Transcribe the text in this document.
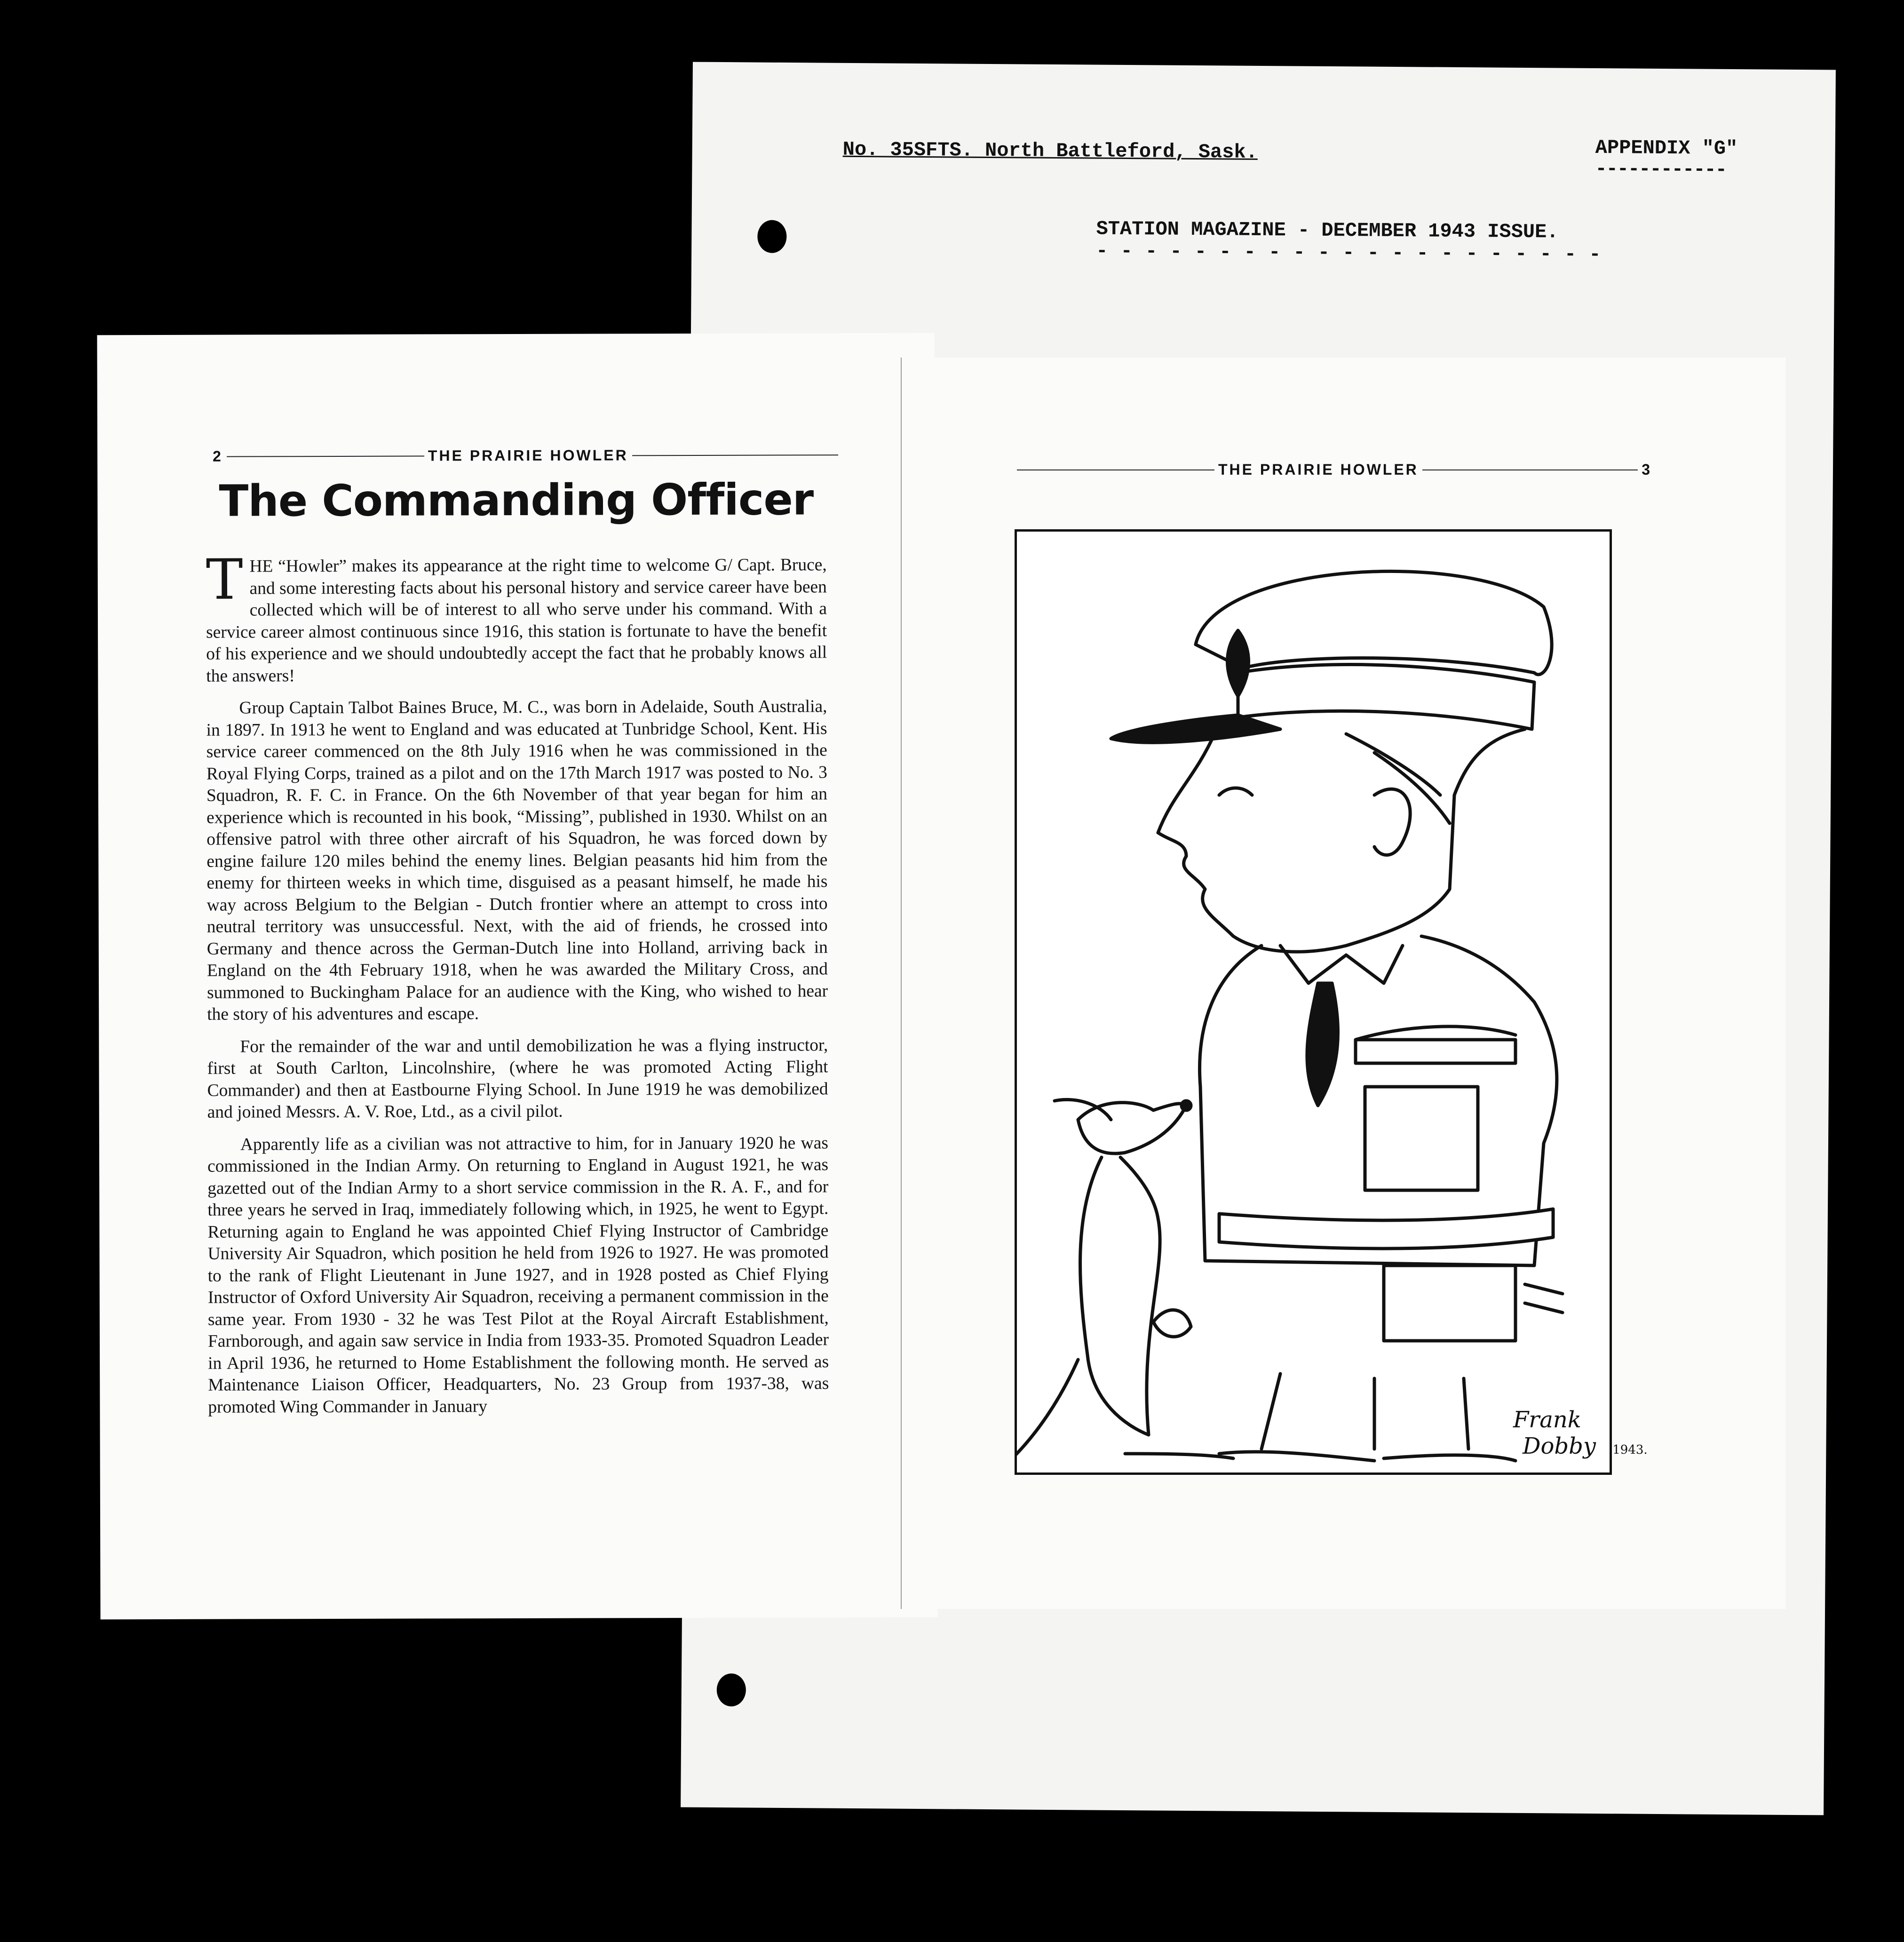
No. 35SFTS. North Battleford, Sask.	APPENDIX "G"
------------
STATION MAGAZINE - DECEMBER 1943 ISSUE.
- - - - - - - - - - - - - - - - - - - - -
2	THE PRAIRIE HOWLER
The Commanding Officer

THE “Howler” makes its appearance at the right time to welcome G/ Capt. Bruce, and some interesting facts about his personal history and service career have been collected which will be of interest to all who serve under his command. With a service career almost continuous since 1916, this station is fortunate to have the benefit of his experience and we should undoubtedly accept the fact that he probably knows all the answers!

Group Captain Talbot Baines Bruce, M. C., was born in Adelaide, South Australia, in 1897. In 1913 he went to England and was educated at Tunbridge School, Kent. His service career commenced on the 8th July 1916 when he was commissioned in the Royal Flying Corps, trained as a pilot and on the 17th March 1917 was posted to No. 3 Squadron, R. F. C. in France. On the 6th November of that year began for him an experience which is recounted in his book, “Missing”, published in 1930. Whilst on an offensive patrol with three other aircraft of his Squadron, he was forced down by engine failure 120 miles behind the enemy lines. Belgian peasants hid him from the enemy for thirteen weeks in which time, disguised as a peasant himself, he made his way across Belgium to the Belgian - Dutch frontier where an attempt to cross into neutral territory was unsuccessful. Next, with the aid of friends, he crossed into Germany and thence across the German-Dutch line into Holland, arriving back in England on the 4th February 1918, when he was awarded the Military Cross, and summoned to Buckingham Palace for an audience with the King, who wished to hear the story of his adventures and escape.

For the remainder of the war and until demobilization he was a flying instructor, first at South Carlton, Lincolnshire, (where he was promoted Acting Flight Commander) and then at Eastbourne Flying School. In June 1919 he was demobilized and joined Messrs. A. V. Roe, Ltd., as a civil pilot.

Apparently life as a civilian was not attractive to him, for in January 1920 he was commissioned in the Indian Army. On returning to England in August 1921, he was gazetted out of the Indian Army to a short service commission in the R. A. F., and for three years he served in Iraq, immediately following which, in 1925, he went to Egypt. Returning again to England he was appointed Chief Flying Instructor of Cambridge University Air Squadron, which position he held from 1926 to 1927. He was promoted to the rank of Flight Lieutenant in June 1927, and in 1928 posted as Chief Flying Instructor of Oxford University Air Squadron, receiving a permanent commission in the same year. From 1930 - 32 he was Test Pilot at the Royal Aircraft Establishment, Farnborough, and again saw service in India from 1933-35. Promoted Squadron Leader in April 1936, he returned to Home Establishment the following month. He served as Maintenance Liaison Officer, Headquarters, No. 23 Group from 1937-38, was promoted Wing Commander in January

THE PRAIRIE HOWLER	3
Frank
Dobby 1943.
